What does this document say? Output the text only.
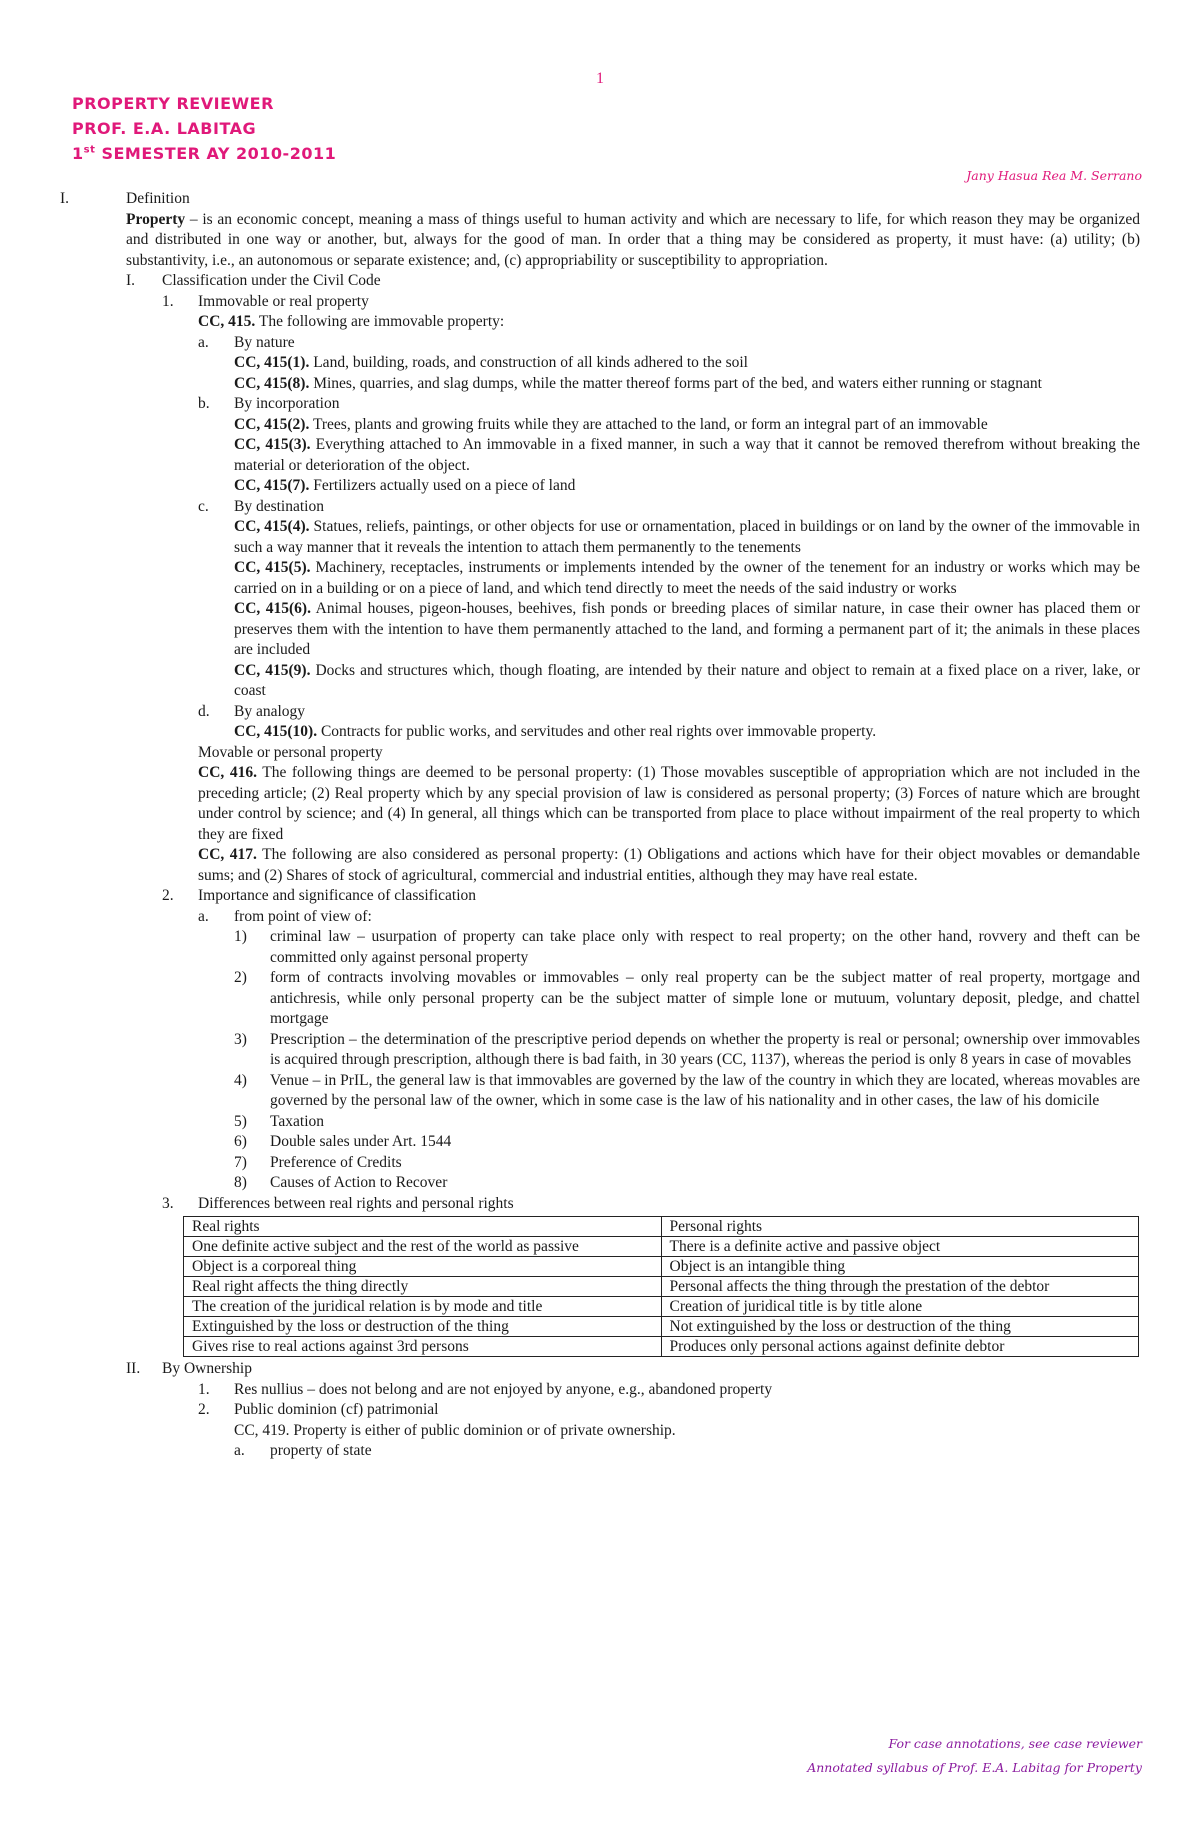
1
PROPERTY REVIEWER
PROF. E.A. LABITAG
1st SEMESTER AY 2010-2011
Jany Hasua Rea M. Serrano
I.	Definition
Property – is an economic concept, meaning a mass of things useful to human activity and which are necessary to life, for which reason they may be organized and distributed in one way or another, but, always for the good of man. In order that a thing may be considered as property, it must have: (a) utility; (b) substantivity, i.e., an autonomous or separate existence; and, (c) appropriability or susceptibility to appropriation.
I. Classification under the Civil Code
1. Immovable or real property
CC, 415. The following are immovable property:
a. By nature
CC, 415(1). Land, building, roads, and construction of all kinds adhered to the soil
CC, 415(8). Mines, quarries, and slag dumps, while the matter thereof forms part of the bed, and waters either running or stagnant
b. By incorporation
CC, 415(2). Trees, plants and growing fruits while they are attached to the land, or form an integral part of an immovable
CC, 415(3). Everything attached to An immovable in a fixed manner, in such a way that it cannot be removed therefrom without breaking the material or deterioration of the object.
CC, 415(7). Fertilizers actually used on a piece of land
c. By destination
CC, 415(4). Statues, reliefs, paintings, or other objects for use or ornamentation, placed in buildings or on land by the owner of the immovable in such a way manner that it reveals the intention to attach them permanently to the tenements
CC, 415(5). Machinery, receptacles, instruments or implements intended by the owner of the tenement for an industry or works which may be carried on in a building or on a piece of land, and which tend directly to meet the needs of the said industry or works
CC, 415(6). Animal houses, pigeon-houses, beehives, fish ponds or breeding places of similar nature, in case their owner has placed them or preserves them with the intention to have them permanently attached to the land, and forming a permanent part of it; the animals in these places are included
CC, 415(9). Docks and structures which, though floating, are intended by their nature and object to remain at a fixed place on a river, lake, or coast
d. By analogy
CC, 415(10). Contracts for public works, and servitudes and other real rights over immovable property.
Movable or personal property
CC, 416. The following things are deemed to be personal property: (1) Those movables susceptible of appropriation which are not included in the preceding article; (2) Real property which by any special provision of law is considered as personal property; (3) Forces of nature which are brought under control by science; and (4) In general, all things which can be transported from place to place without impairment of the real property to which they are fixed
CC, 417. The following are also considered as personal property: (1) Obligations and actions which have for their object movables or demandable sums; and (2) Shares of stock of agricultural, commercial and industrial entities, although they may have real estate.
2. Importance and significance of classification
a. from point of view of:
1) criminal law – usurpation of property can take place only with respect to real property; on the other hand, rovvery and theft can be committed only against personal property
2) form of contracts involving movables or immovables – only real property can be the subject matter of real property, mortgage and antichresis, while only personal property can be the subject matter of simple lone or mutuum, voluntary deposit, pledge, and chattel mortgage
3) Prescription – the determination of the prescriptive period depends on whether the property is real or personal; ownership over immovables is acquired through prescription, although there is bad faith, in 30 years (CC, 1137), whereas the period is only 8 years in case of movables
4) Venue – in PrIL, the general law is that immovables are governed by the law of the country in which they are located, whereas movables are governed by the personal law of the owner, which in some case is the law of his nationality and in other cases, the law of his domicile
5) Taxation
6) Double sales under Art. 1544
7) Preference of Credits
8) Causes of Action to Recover
3. Differences between real rights and personal rights
Real rights	Personal rights
One definite active subject and the rest of the world as passive	There is a definite active and passive object
Object is a corporeal thing	Object is an intangible thing
Real right affects the thing directly	Personal affects the thing through the prestation of the debtor
The creation of the juridical relation is by mode and title	Creation of juridical title is by title alone
Extinguished by the loss or destruction of the thing	Not extinguished by the loss or destruction of the thing
Gives rise to real actions against 3rd persons	Produces only personal actions against definite debtor
II. By Ownership
1. Res nullius – does not belong and are not enjoyed by anyone, e.g., abandoned property
2. Public dominion (cf) patrimonial
CC, 419. Property is either of public dominion or of private ownership.
a. property of state
For case annotations, see case reviewer
Annotated syllabus of Prof. E.A. Labitag for Property
